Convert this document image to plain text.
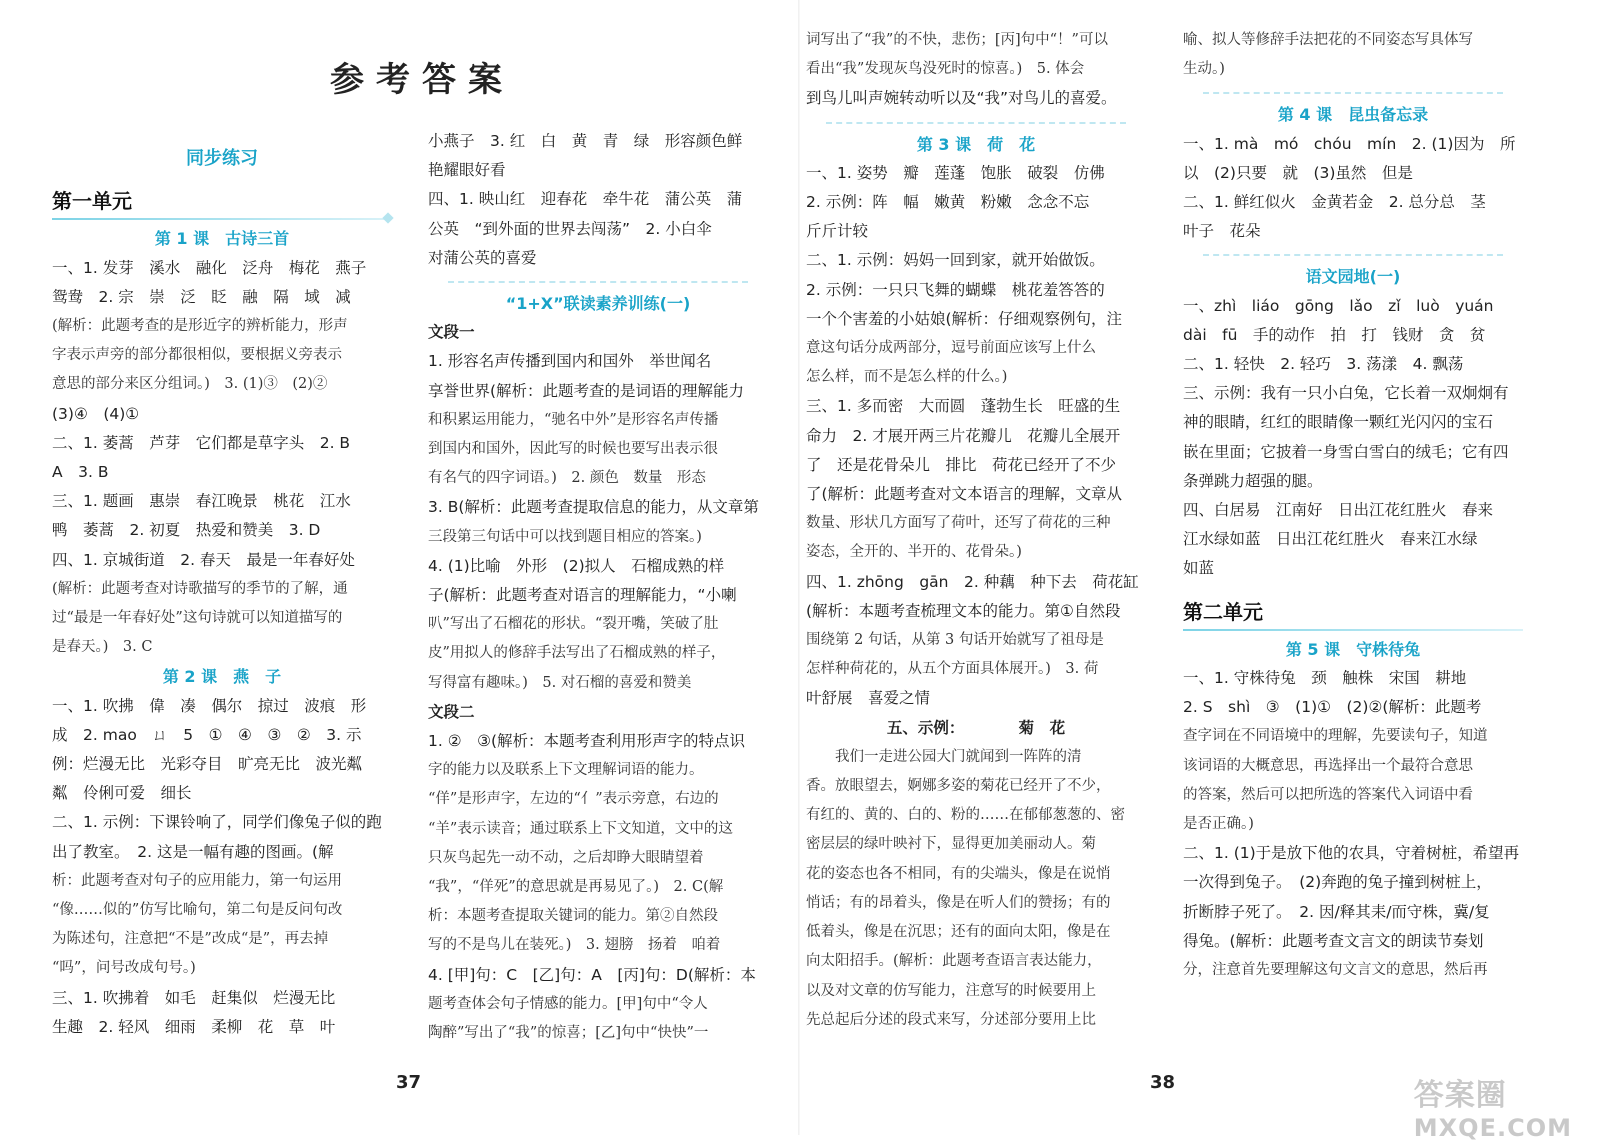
参考答案
同步练习
第一单元

第 1 课　古诗三首

一、1. 发芽　溪水　融化　泛舟　梅花　燕子

鸳鸯　2. 宗　崇　泛　眨　融　隔　域　减

(解析：此题考查的是形近字的辨析能力，形声

字表示声旁的部分都很相似，要根据义旁表示

意思的部分来区分组词。)　3. (1)③　(2)②

(3)④　(4)①

二、1. 萎蒿　芦芽　它们都是草字头　2. B

A　3. B

三、1. 题画　惠崇　春江晚景　桃花　江水

鸭　萎蒿　2. 初夏　热爱和赞美　3. D

四、1. 京城街道　2. 春天　最是一年春好处

(解析：此题考查对诗歌描写的季节的了解，通

过“最是一年春好处”这句诗就可以知道描写的

是春天。)　3. C

第 2 课　燕　子

一、1. 吹拂　偉　凑　偶尔　掠过　波痕　形

成　2. mao　ㄩ　5　①　④　③　②　3. 示

例：烂漫无比　光彩夺目　旷亮无比　波光粼

粼　伶俐可爱　细长

二、1. 示例：下课铃响了，同学们像兔子似的跑

出了教室。　2. 这是一幅有趣的图画。(解

析：此题考查对句子的应用能力，第一句运用

“像……似的”仿写比喻句，第二句是反问句改

为陈述句，注意把“不是”改成“是”，再去掉

“吗”，问号改成句号。)

三、1. 吹拂着　如毛　赶集似　烂漫无比

生趣　2. 轻风　细雨　柔柳　花　草　叶

小燕子　3. 红　白　黄　青　绿　形容颜色鲜

艳耀眼好看

四、1. 映山红　迎春花　牵牛花　蒲公英　蒲

公英　“到外面的世界去闯荡”　2. 小白伞

对蒲公英的喜爱

“1+X”联读素养训练(一)

文段一

1. 形容名声传播到国内和国外　举世闻名

享誉世界(解析：此题考查的是词语的理解能力

和积累运用能力，“驰名中外”是形容名声传播

到国内和国外，因此写的时候也要写出表示很

有名气的四字词语。)　2. 颜色　数量　形态

3. B(解析：此题考查提取信息的能力，从文章第

三段第三句话中可以找到题目相应的答案。)

4. (1)比喻　外形　(2)拟人　石榴成熟的样

子(解析：此题考查对语言的理解能力，“小喇

叭”写出了石榴花的形状。“裂开嘴，笑破了肚

皮”用拟人的修辞手法写出了石榴成熟的样子，

写得富有趣味。)　5. 对石榴的喜爱和赞美

文段二

1. ②　③(解析：本题考查利用形声字的特点识

字的能力以及联系上下文理解词语的能力。

“佯”是形声字，左边的“亻”表示旁意，右边的

“羊”表示读音；通过联系上下文知道，文中的这

只灰鸟起先一动不动，之后却睁大眼睛望着

“我”，“佯死”的意思就是再易见了。)　2. C(解

析：本题考查提取关键词的能力。第②自然段

写的不是鸟儿在装死。)　3. 翅膀　扬着　咱着

4. [甲]句：C　[乙]句：A　[丙]句：D(解析：本

题考查体会句子情感的能力。[甲]句中“令人

陶醉”写出了“我”的惊喜；[乙]句中“快快”一

词写出了“我”的不快，悲伤；[丙]句中“！”可以

看出“我”发现灰鸟没死时的惊喜。)　5. 体会

到鸟儿叫声婉转动听以及“我”对鸟儿的喜爱。

第 3 课　荷　花

一、1. 姿势　瓣　莲蓬　饱胀　破裂　仿佛

2. 示例：阵　幅　嫩黄　粉嫩　念念不忘

斤斤计较

二、1. 示例：妈妈一回到家，就开始做饭。

2. 示例：一只只飞舞的蝴蝶　桃花羞答答的

一个个害羞的小姑娘(解析：仔细观察例句，注

意这句话分成两部分，逗号前面应该写上什么

怎么样，而不是怎么样的什么。)

三、1. 多而密　大而圆　蓬勃生长　旺盛的生

命力　2. 才展开两三片花瓣儿　花瓣儿全展开

了　还是花骨朵儿　排比　荷花已经开了不少

了(解析：此题考查对文本语言的理解，文章从

数量、形状几方面写了荷叶，还写了荷花的三种

姿态，全开的、半开的、花骨朵。)

四、1. zhōng　gān　2. 种藕　种下去　荷花缸

(解析：本题考查梳理文本的能力。第①自然段

围绕第 2 句话，从第 3 句话开始就写了祖母是

怎样种荷花的，从五个方面具体展开。)　3. 荷

叶舒展　喜爱之情

五、示例：　　　　菊　花

我们一走进公园大门就闻到一阵阵的清

香。放眼望去，婀娜多姿的菊花已经开了不少，

有红的、黄的、白的、粉的……在郁郁葱葱的、密

密层层的绿叶映衬下，显得更加美丽动人。菊

花的姿态也各不相同，有的尖端头，像是在说悄

悄话；有的昂着头，像是在听人们的赞扬；有的

低着头，像是在沉思；还有的面向太阳，像是在

向太阳招手。(解析：此题考查语言表达能力，

以及对文章的仿写能力，注意写的时候要用上

先总起后分述的段式来写，分述部分要用上比

喻、拟人等修辞手法把花的不同姿态写具体写

生动。)

第 4 课　昆虫备忘录

一、1. mà　mó　chóu　mín　2. (1)因为　所

以　(2)只要　就　(3)虽然　但是

二、1. 鲜红似火　金黄若金　2. 总分总　茎

叶子　花朵

语文园地(一)

一、zhì　liáo　gōng　lǎo　zǐ　luò　yuán

dài　fū　手的动作　拍　打　钱财　贪　贫

二、1. 轻快　2. 轻巧　3. 荡漾　4. 飘荡

三、示例：我有一只小白兔，它长着一双炯炯有

神的眼睛，红红的眼睛像一颗红光闪闪的宝石

嵌在里面；它披着一身雪白雪白的绒毛；它有四

条弹跳力超强的腿。

四、白居易　江南好　日出江花红胜火　春来

江水绿如蓝　日出江花红胜火　春来江水绿

如蓝

第二单元

第 5 课　守株待兔

一、1. 守株待兔　颈　触株　宋国　耕地

2. S　shì　③　(1)①　(2)②(解析：此题考

查字词在不同语境中的理解，先要读句子，知道

该词语的大概意思，再选择出一个最符合意思

的答案，然后可以把所选的答案代入词语中看

是否正确。)

二、1. (1)于是放下他的农具，守着树桩，希望再

一次得到兔子。　(2)奔跑的兔子撞到树桩上，

折断脖子死了。　2. 因/释其耒/而守株，冀/复

得兔。(解析：此题考查文言文的朗读节奏划

分，注意首先要理解这句文言文的意思，然后再

37	38	答案圈
MXQE.COM
